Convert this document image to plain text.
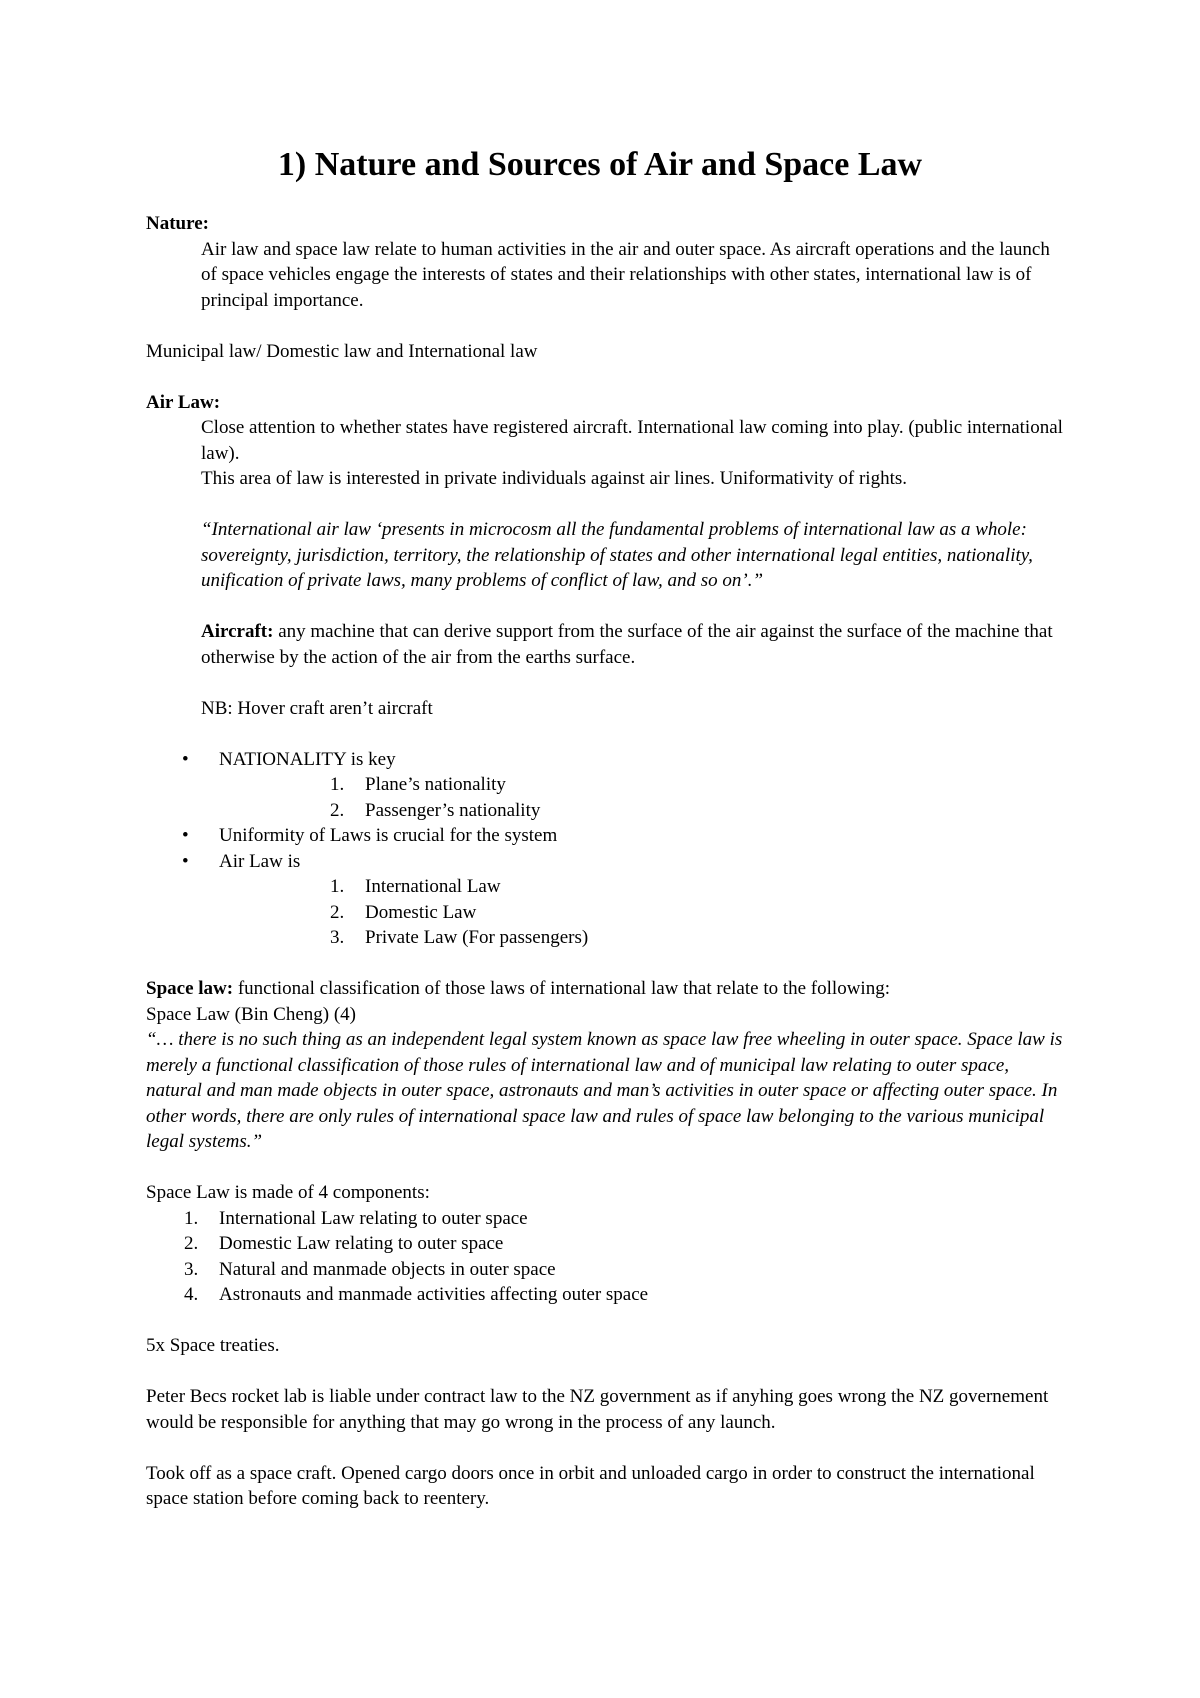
1) Nature and Sources of Air and Space Law

Nature:

Air law and space law relate to human activities in the air and outer space. As aircraft operations and the launch of space vehicles engage the interests of states and their relationships with other states, international law is of principal importance.

Municipal law/ Domestic law and International law

Air Law:

Close attention to whether states have registered aircraft. International law coming into play. (public international law).

This area of law is interested in private individuals against air lines. Uniformativity of rights.

“International air law ‘presents in microcosm all the fundamental problems of international law as a whole: sovereignty, jurisdiction, territory, the relationship of states and other international legal entities, nationality, unification of private laws, many problems of conflict of law, and so on’.”

Aircraft: any machine that can derive support from the surface of the air against the surface of the machine that otherwise by the action of the air from the earths surface.

NB: Hover craft aren’t aircraft

• NATIONALITY is key
1. Plane’s nationality
2. Passenger’s nationality
• Uniformity of Laws is crucial for the system
• Air Law is
1. International Law
2. Domestic Law
3. Private Law (For passengers)

Space law: functional classification of those laws of international law that relate to the following:

Space Law (Bin Cheng) (4)

“… there is no such thing as an independent legal system known as space law free wheeling in outer space. Space law is merely a functional classification of those rules of international law and of municipal law relating to outer space, natural and man made objects in outer space, astronauts and man’s activities in outer space or affecting outer space. In other words, there are only rules of international space law and rules of space law belonging to the various municipal legal systems.”

Space Law is made of 4 components:

1. International Law relating to outer space
2. Domestic Law relating to outer space
3. Natural and manmade objects in outer space
4. Astronauts and manmade activities affecting outer space

5x Space treaties.

Peter Becs rocket lab is liable under contract law to the NZ government as if anyhing goes wrong the NZ governement would be responsible for anything that may go wrong in the process of any launch.

Took off as a space craft. Opened cargo doors once in orbit and unloaded cargo in order to construct the international space station before coming back to reentery.
